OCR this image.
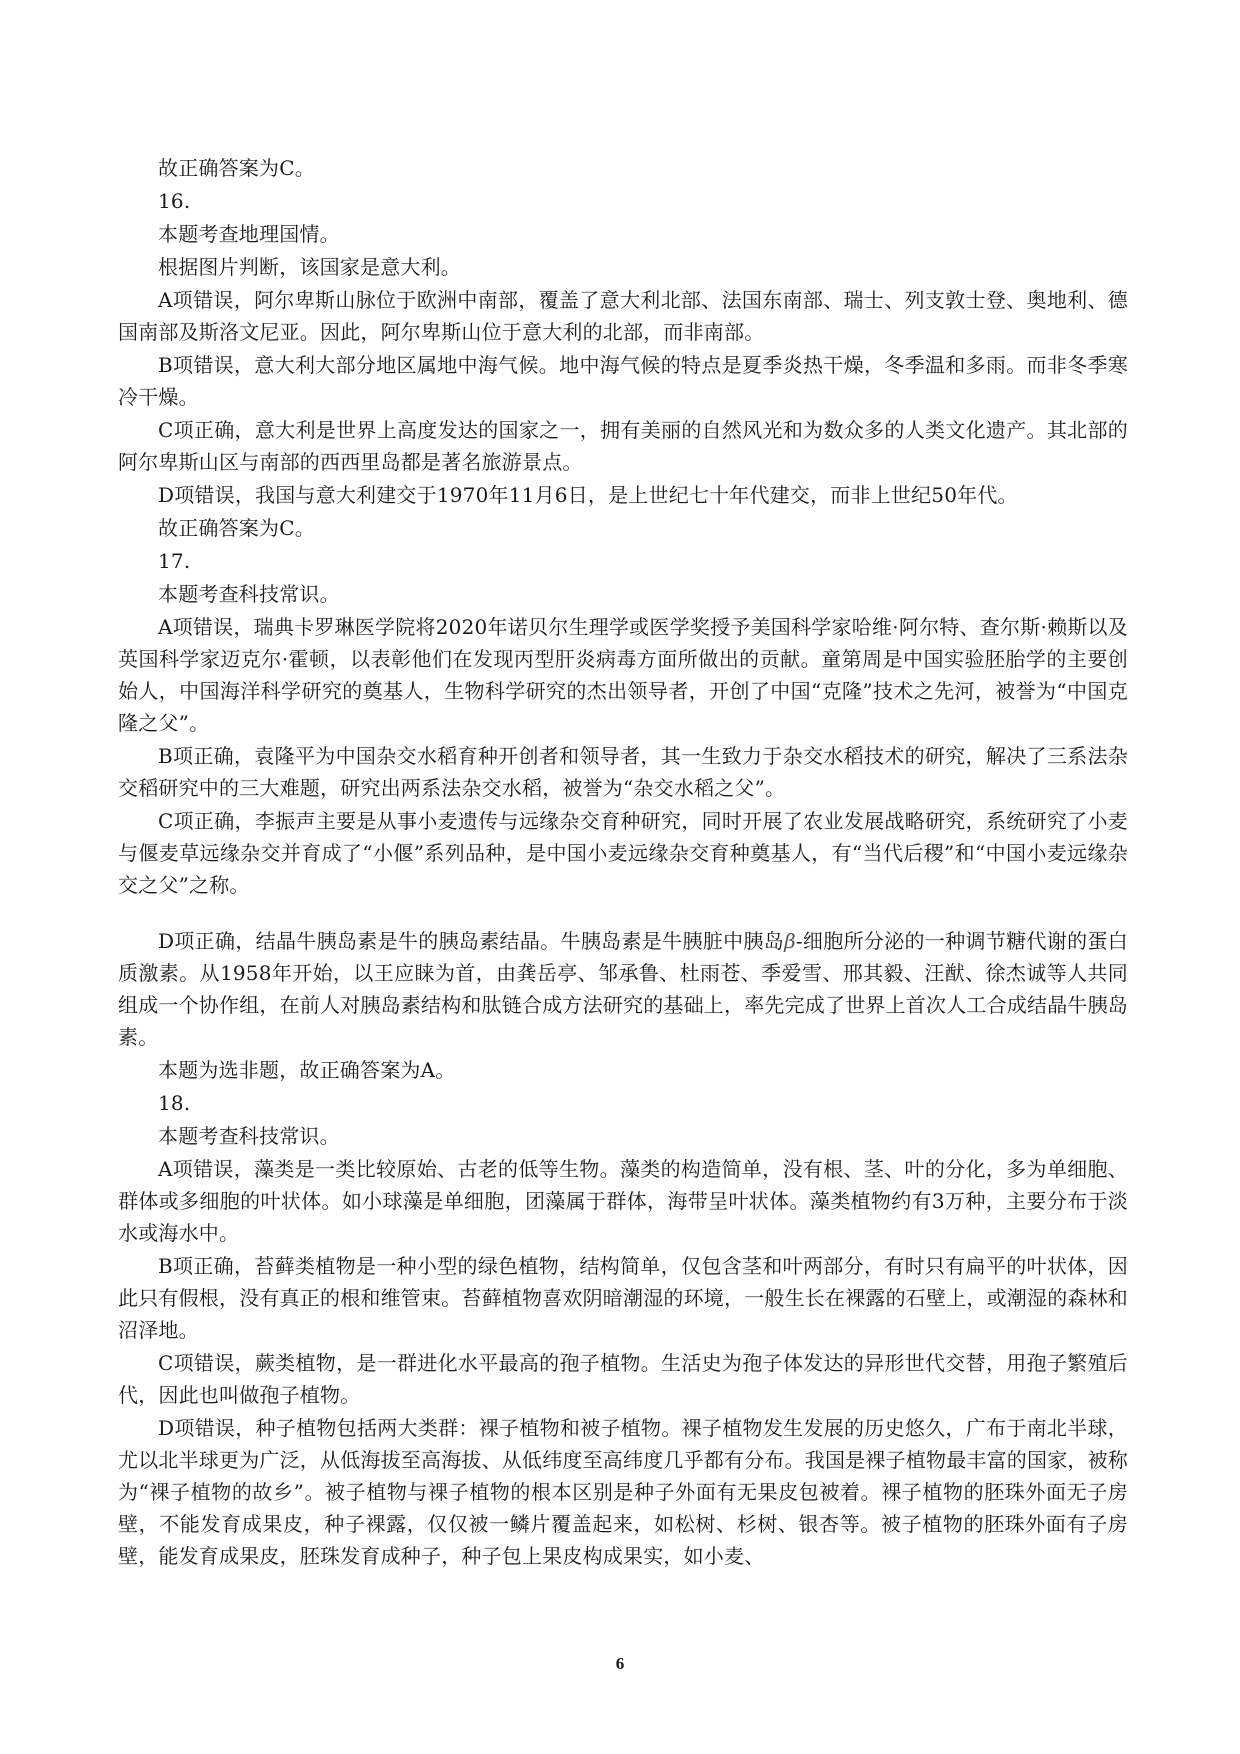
故正确答案为C。

16.

本题考查地理国情。

根据图片判断，该国家是意大利。

A项错误，阿尔卑斯山脉位于欧洲中南部，覆盖了意大利北部、法国东南部、瑞士、列支敦士登、奥地利、德国南部及斯洛文尼亚。因此，阿尔卑斯山位于意大利的北部，而非南部。

B项错误，意大利大部分地区属地中海气候。地中海气候的特点是夏季炎热干燥，冬季温和多雨。而非冬季寒冷干燥。

C项正确，意大利是世界上高度发达的国家之一，拥有美丽的自然风光和为数众多的人类文化遗产。其北部的阿尔卑斯山区与南部的西西里岛都是著名旅游景点。

D项错误，我国与意大利建交于1970年11月6日，是上世纪七十年代建交，而非上世纪50年代。

故正确答案为C。

17.

本题考查科技常识。

A项错误，瑞典卡罗琳医学院将2020年诺贝尔生理学或医学奖授予美国科学家哈维·阿尔特、查尔斯·赖斯以及英国科学家迈克尔·霍顿，以表彰他们在发现丙型肝炎病毒方面所做出的贡献。童第周是中国实验胚胎学的主要创始人，中国海洋科学研究的奠基人，生物科学研究的杰出领导者，开创了中国“克隆”技术之先河，被誉为“中国克隆之父”。

B项正确，袁隆平为中国杂交水稻育种开创者和领导者，其一生致力于杂交水稻技术的研究，解决了三系法杂交稻研究中的三大难题，研究出两系法杂交水稻，被誉为“杂交水稻之父”。

C项正确，李振声主要是从事小麦遗传与远缘杂交育种研究，同时开展了农业发展战略研究，系统研究了小麦与偃麦草远缘杂交并育成了“小偃”系列品种，是中国小麦远缘杂交育种奠基人，有“当代后稷”和“中国小麦远缘杂交之父”之称。

D项正确，结晶牛胰岛素是牛的胰岛素结晶。牛胰岛素是牛胰脏中胰岛β-细胞所分泌的一种调节糖代谢的蛋白质激素。从1958年开始，以王应睐为首，由龚岳亭、邹承鲁、杜雨苍、季爱雪、邢其毅、汪猷、徐杰诚等人共同组成一个协作组，在前人对胰岛素结构和肽链合成方法研究的基础上，率先完成了世界上首次人工合成结晶牛胰岛素。

本题为选非题，故正确答案为A。

18.

本题考查科技常识。

A项错误，藻类是一类比较原始、古老的低等生物。藻类的构造简单，没有根、茎、叶的分化，多为单细胞、群体或多细胞的叶状体。如小球藻是单细胞，团藻属于群体，海带呈叶状体。藻类植物约有3万种，主要分布于淡水或海水中。

B项正确，苔藓类植物是一种小型的绿色植物，结构简单，仅包含茎和叶两部分，有时只有扁平的叶状体，因此只有假根，没有真正的根和维管束。苔藓植物喜欢阴暗潮湿的环境，一般生长在裸露的石壁上，或潮湿的森林和沼泽地。

C项错误，蕨类植物，是一群进化水平最高的孢子植物。生活史为孢子体发达的异形世代交替，用孢子繁殖后代，因此也叫做孢子植物。

D项错误，种子植物包括两大类群：裸子植物和被子植物。裸子植物发生发展的历史悠久，广布于南北半球，尤以北半球更为广泛，从低海拔至高海拔、从低纬度至高纬度几乎都有分布。我国是裸子植物最丰富的国家，被称为“裸子植物的故乡”。被子植物与裸子植物的根本区别是种子外面有无果皮包被着。裸子植物的胚珠外面无子房壁，不能发育成果皮，种子裸露，仅仅被一鳞片覆盖起来，如松树、杉树、银杏等。被子植物的胚珠外面有子房壁，能发育成果皮，胚珠发育成种子，种子包上果皮构成果实，如小麦、

6
